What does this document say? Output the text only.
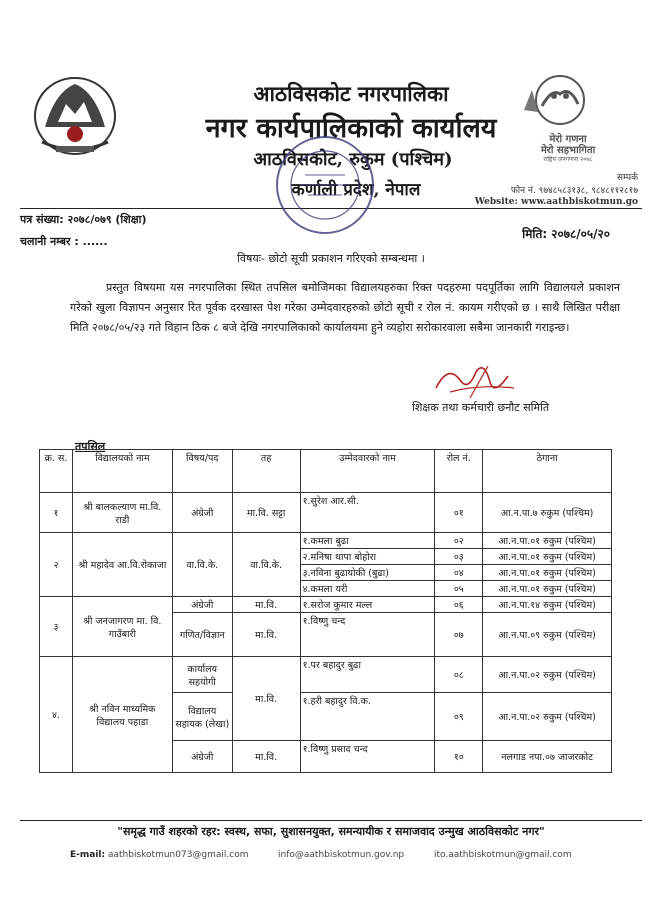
मेरो गणना
मेरो सहभागिता
राष्ट्रिय जनगणना २०७८
आठविसकोट नगरपालिका
नगर कार्यपालिकाको कार्यालय
आठविसकोट, रुकुम (पश्चिम)
कर्णाली प्रदेश, नेपाल
सम्पर्क
फोन नं. ९७४८५८३१३८, ९८४८११२८१७
Website: www.aathbiskotmun.go
पत्र संख्या: २०७८/०७९ (शिक्षा)
चलानी नम्बर : ......
मिति: २०७८/०५/२०
विषयः- छोटो सूची प्रकाशन गरिएको सम्बन्धमा ।
प्रस्तुत विषयमा यस नगरपालिका स्थित तपसिल बमोजिमका विद्यालयहरुका रिक्त पदहरुमा पदपूर्तिका लागि विद्यालयले प्रकाशन गरेको खुला विज्ञापन अनुसार रित पूर्वक दरखास्त पेश गरेका उम्मेदवारहरुको छोटो सूची र रोल नं. कायम गरीएको छ । साथै लिखित परीक्षा मिति २०७८/०५/२३ गते विहान ठिक ८ बजे देखि नगरपालिकाको कार्यालयमा हुने व्यहोरा सरोकारवाला सबैमा जानकारी गराइन्छ।
शिक्षक तथा कर्मचारी छनौट समिति
तपसिल
क्र. स.	विद्यालयको नाम	विषय/पद	तह	उम्मेदवारको नाम	रोल नं.	ठेगाना
१	श्री बालकल्याण मा.वि. राडी	अंग्रेजी	मा.वि. सट्टा	१.सुरेश आर.सी.	०१	आ.न.पा.७ रुकुम (पश्चिम)
२	श्री महादेव आ.वि.रोकाजा	वा.वि.के.	वा.वि.के.	१.कमला बुढा	०२	आ.न.पा.०१ रुकुम (पश्चिम)
				२.मनिषा थापा बोहोरा	०३	आ.न.पा.०१ रुकुम (पश्चिम)
				३.नविना बुढायोकी (बुढा)	०४	आ.न.पा.०१ रुकुम (पश्चिम)
				४.कमला यरी	०५	आ.न.पा.०१ रुकुम (पश्चिम)
३	श्री जनजागरण मा. वि. गाउँबारी	अंग्रेजी	मा.वि.	१.सरोज कुमार मल्ल	०६	आ.न.पा.१४ रुकुम (पश्चिम)
		गणित/विज्ञान	मा.वि.	१.विष्णु चन्द	०७	आ.न.पा.०९ रुकुम (पश्चिम)
४.	श्री नविन माध्यमिक विद्यालय पहाडा	कार्यालय सहयोगी	मा.वि.	१.पर बहादुर बुढा	०८	आ.न.पा.०२ रुकुम (पश्चिम)
		विद्यालय सहायक (लेखा)		१.हरी बहादुर वि.क.	०९	आ.न.पा.०२ रुकुम (पश्चिम)
		अंग्रेजी	मा.वि.	१.विष्णु प्रसाद चन्द	१०	नलगाड नपा.०७ जाजरकोट
"समृद्ध गाउँ शहरको रहर: स्वस्थ, सफा, सुशासनयुक्त, समन्यायीक र समाजवाद उन्मुख आठविसकोट नगर"
E-mail: aathbiskotmun073@gmail.com	info@aathbiskotmun.gov.np	ito.aathbiskotmun@gmail.com
